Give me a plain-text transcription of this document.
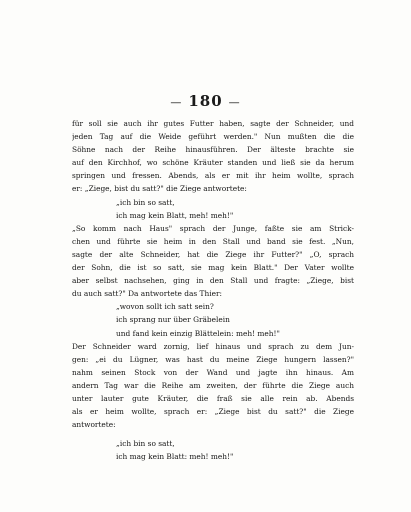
— 180 —
für soll sie auch ihr gutes Futter haben, sagte der Schneider, und
jeden Tag auf die Weide geführt werden." Nun mußten die die
Söhne nach der Reihe hinausführen. Der älteste brachte sie
auf den Kirchhof, wo schöne Kräuter standen und ließ sie da herum
springen und fressen. Abends, als er mit ihr heim wollte, sprach
er: „Ziege, bist du satt?" die Ziege antwortete:
„ich bin so satt,
ich mag kein Blatt, meh! meh!"
„So komm nach Haus" sprach der Junge, faßte sie am Strick-
chen und führte sie heim in den Stall und band sie fest. „Nun,
sagte der alte Schneider, hat die Ziege ihr Futter?" „O, sprach
der Sohn, die ist so satt, sie mag kein Blatt." Der Vater wollte
aber selbst nachsehen, ging in den Stall und fragte: „Ziege, bist
du auch satt?" Da antwortete das Thier:
„wovon sollt ich satt sein?
ich sprang nur über Gräbelein
und fand kein einzig Blättelein: meh! meh!"
Der Schneider ward zornig, lief hinaus und sprach zu dem Jun-
gen: „ei du Lügner, was hast du meine Ziege hungern lassen?"
nahm seinen Stock von der Wand und jagte ihn hinaus. Am
andern Tag war die Reihe am zweiten, der führte die Ziege auch
unter lauter gute Kräuter, die fraß sie alle rein ab. Abends
als er heim wollte, sprach er: „Ziege bist du satt?" die Ziege
antwortete:
„ich bin so satt,
ich mag kein Blatt: meh! meh!"
